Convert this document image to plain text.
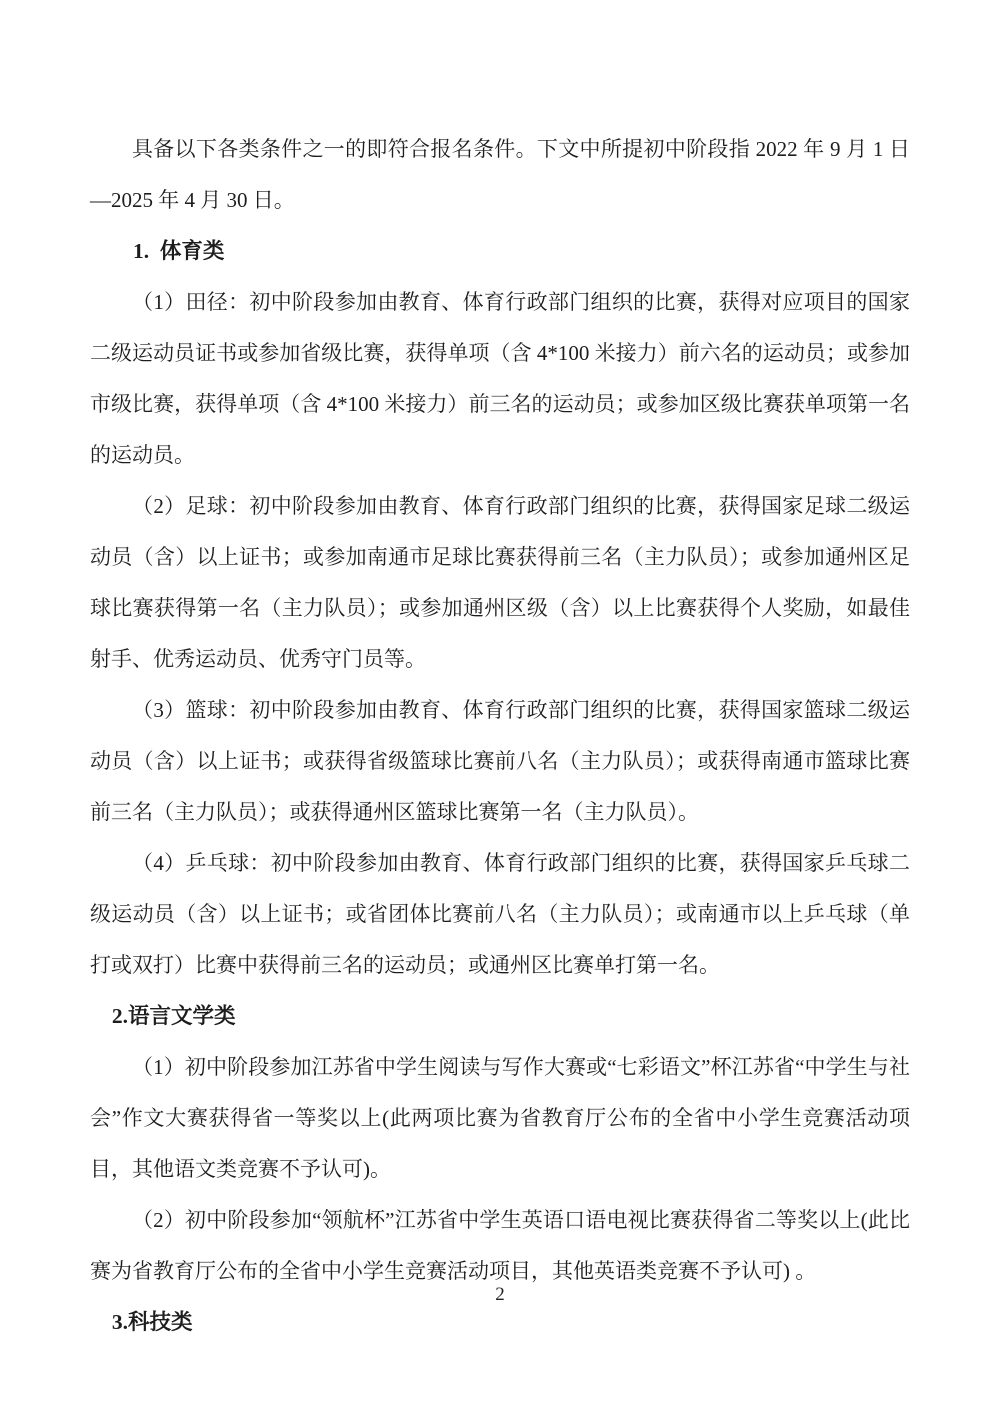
具备以下各类条件之一的即符合报名条件。下文中所提初中阶段指 2022 年 9 月 1 日—2025 年 4 月 30 日。

1.  体育类

（1）田径：初中阶段参加由教育、体育行政部门组织的比赛，获得对应项目的国家二级运动员证书或参加省级比赛，获得单项（含 4*100 米接力）前六名的运动员；或参加市级比赛，获得单项（含 4*100 米接力）前三名的运动员；或参加区级比赛获单项第一名的运动员。

（2）足球：初中阶段参加由教育、体育行政部门组织的比赛，获得国家足球二级运动员（含）以上证书；或参加南通市足球比赛获得前三名（主力队员）；或参加通州区足球比赛获得第一名（主力队员）；或参加通州区级（含）以上比赛获得个人奖励，如最佳射手、优秀运动员、优秀守门员等。

（3）篮球：初中阶段参加由教育、体育行政部门组织的比赛，获得国家篮球二级运动员（含）以上证书；或获得省级篮球比赛前八名（主力队员）；或获得南通市篮球比赛前三名（主力队员）；或获得通州区篮球比赛第一名（主力队员）。

（4）乒乓球：初中阶段参加由教育、体育行政部门组织的比赛，获得国家乒乓球二级运动员（含）以上证书；或省团体比赛前八名（主力队员）；或南通市以上乒乓球（单打或双打）比赛中获得前三名的运动员；或通州区比赛单打第一名。

2.语言文学类

（1）初中阶段参加江苏省中学生阅读与写作大赛或“七彩语文”杯江苏省“中学生与社会”作文大赛获得省一等奖以上(此两项比赛为省教育厅公布的全省中小学生竞赛活动项目，其他语文类竞赛不予认可)。

（2）初中阶段参加“领航杯”江苏省中学生英语口语电视比赛获得省二等奖以上(此比赛为省教育厅公布的全省中小学生竞赛活动项目，其他英语类竞赛不予认可) 。

3.科技类

2
